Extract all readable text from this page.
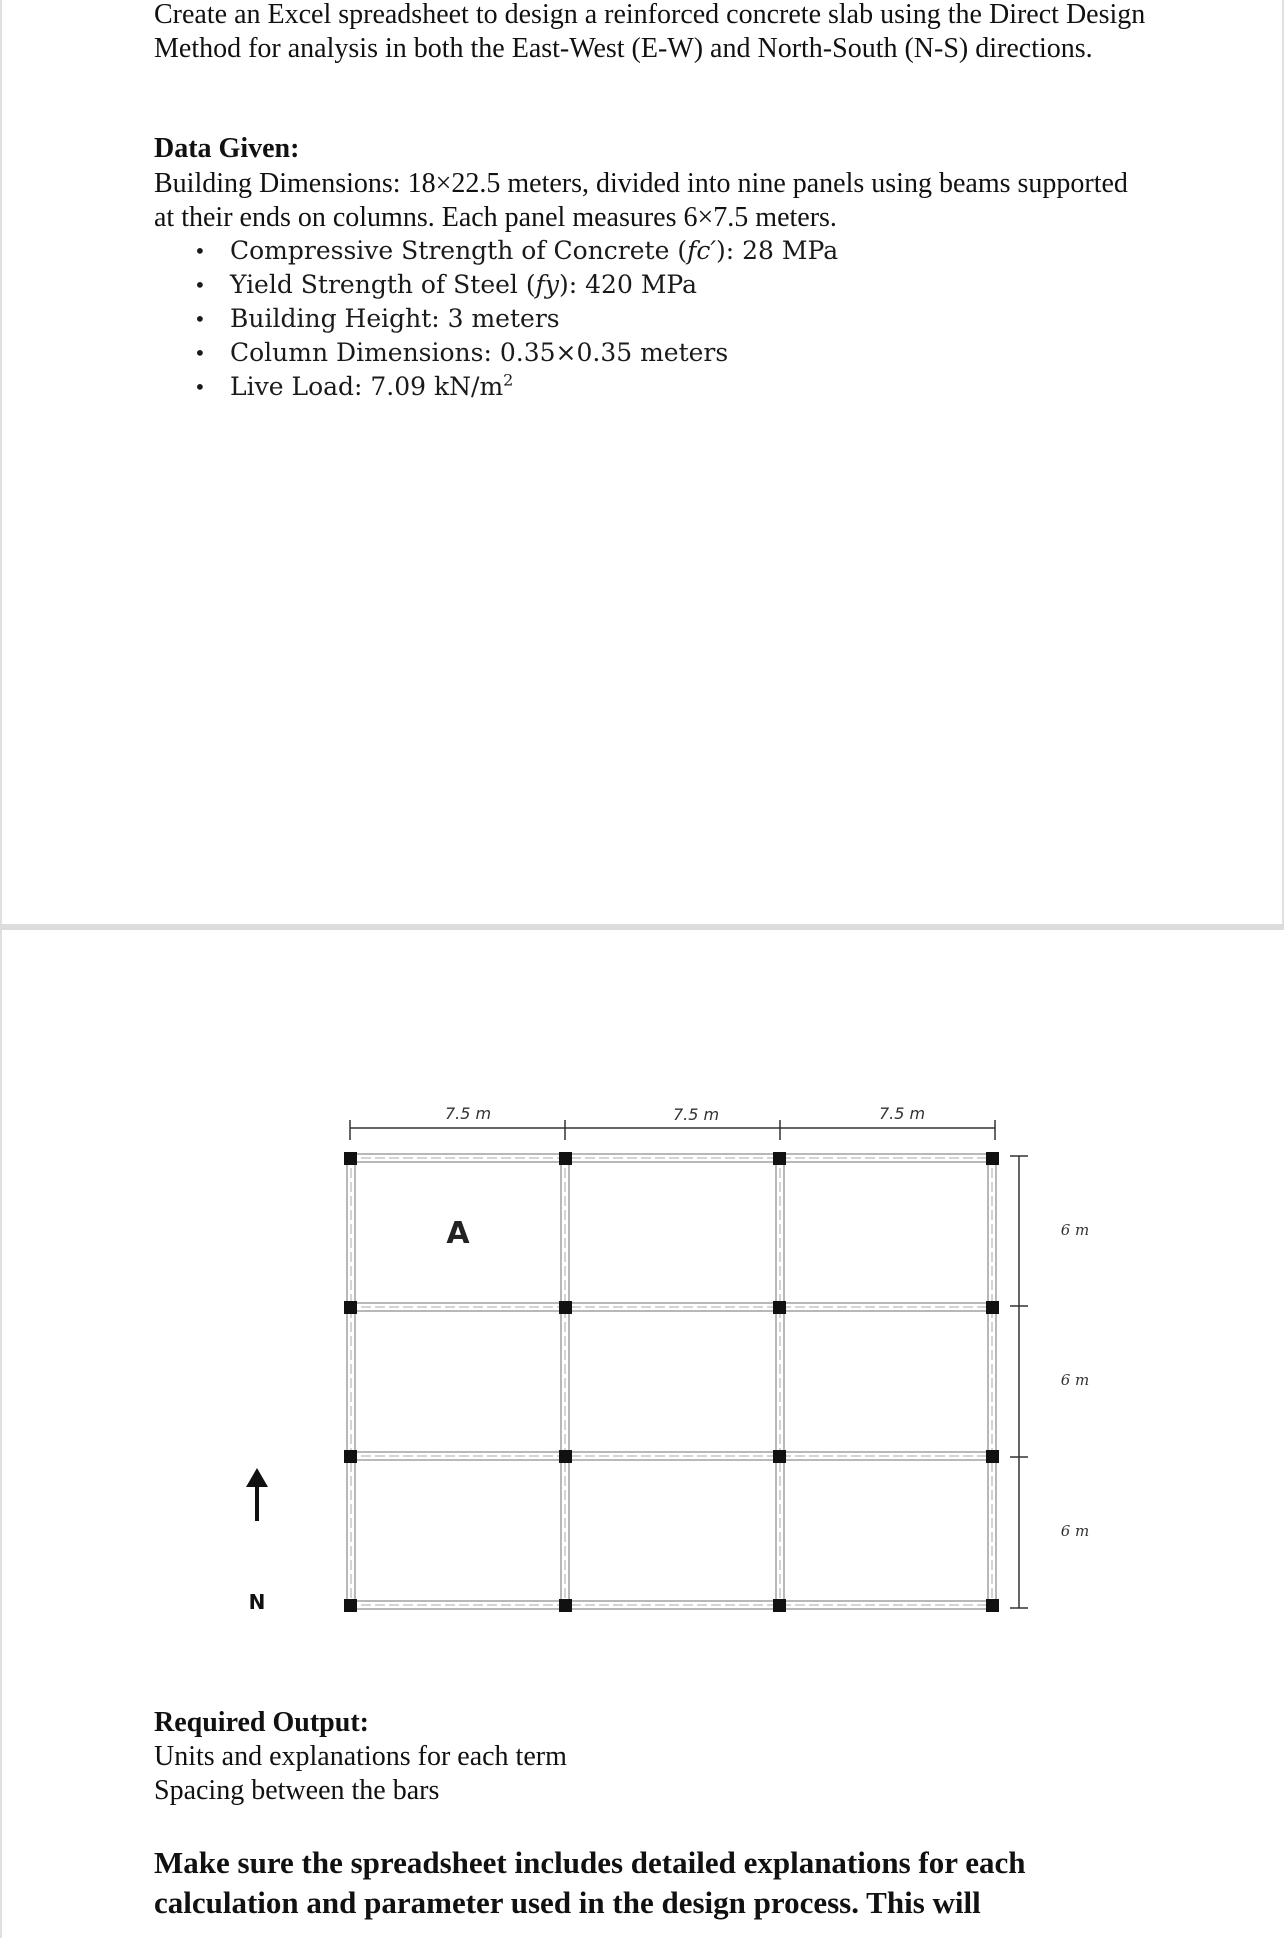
Create an Excel spreadsheet to design a reinforced concrete slab using the Direct Design Method for analysis in both the East-West (E-W) and North-South (N-S) directions.

Data Given:

Building Dimensions: 18×22.5 meters, divided into nine panels using beams supported at their ends on columns. Each panel measures 6×7.5 meters.

• Compressive Strength of Concrete (fc′): 28 MPa
• Yield Strength of Steel (fy): 420 MPa
• Building Height: 3 meters
• Column Dimensions: 0.35×0.35 meters
• Live Load: 7.09 $kN/m^2$
7.5 m	7.5 m	7.5 m
6 m
6 m
6 m
A
N

Required Output:

Units and explanations for each term

Spacing between the bars

Make sure the spreadsheet includes detailed explanations for each calculation and parameter used in the design process. This will
